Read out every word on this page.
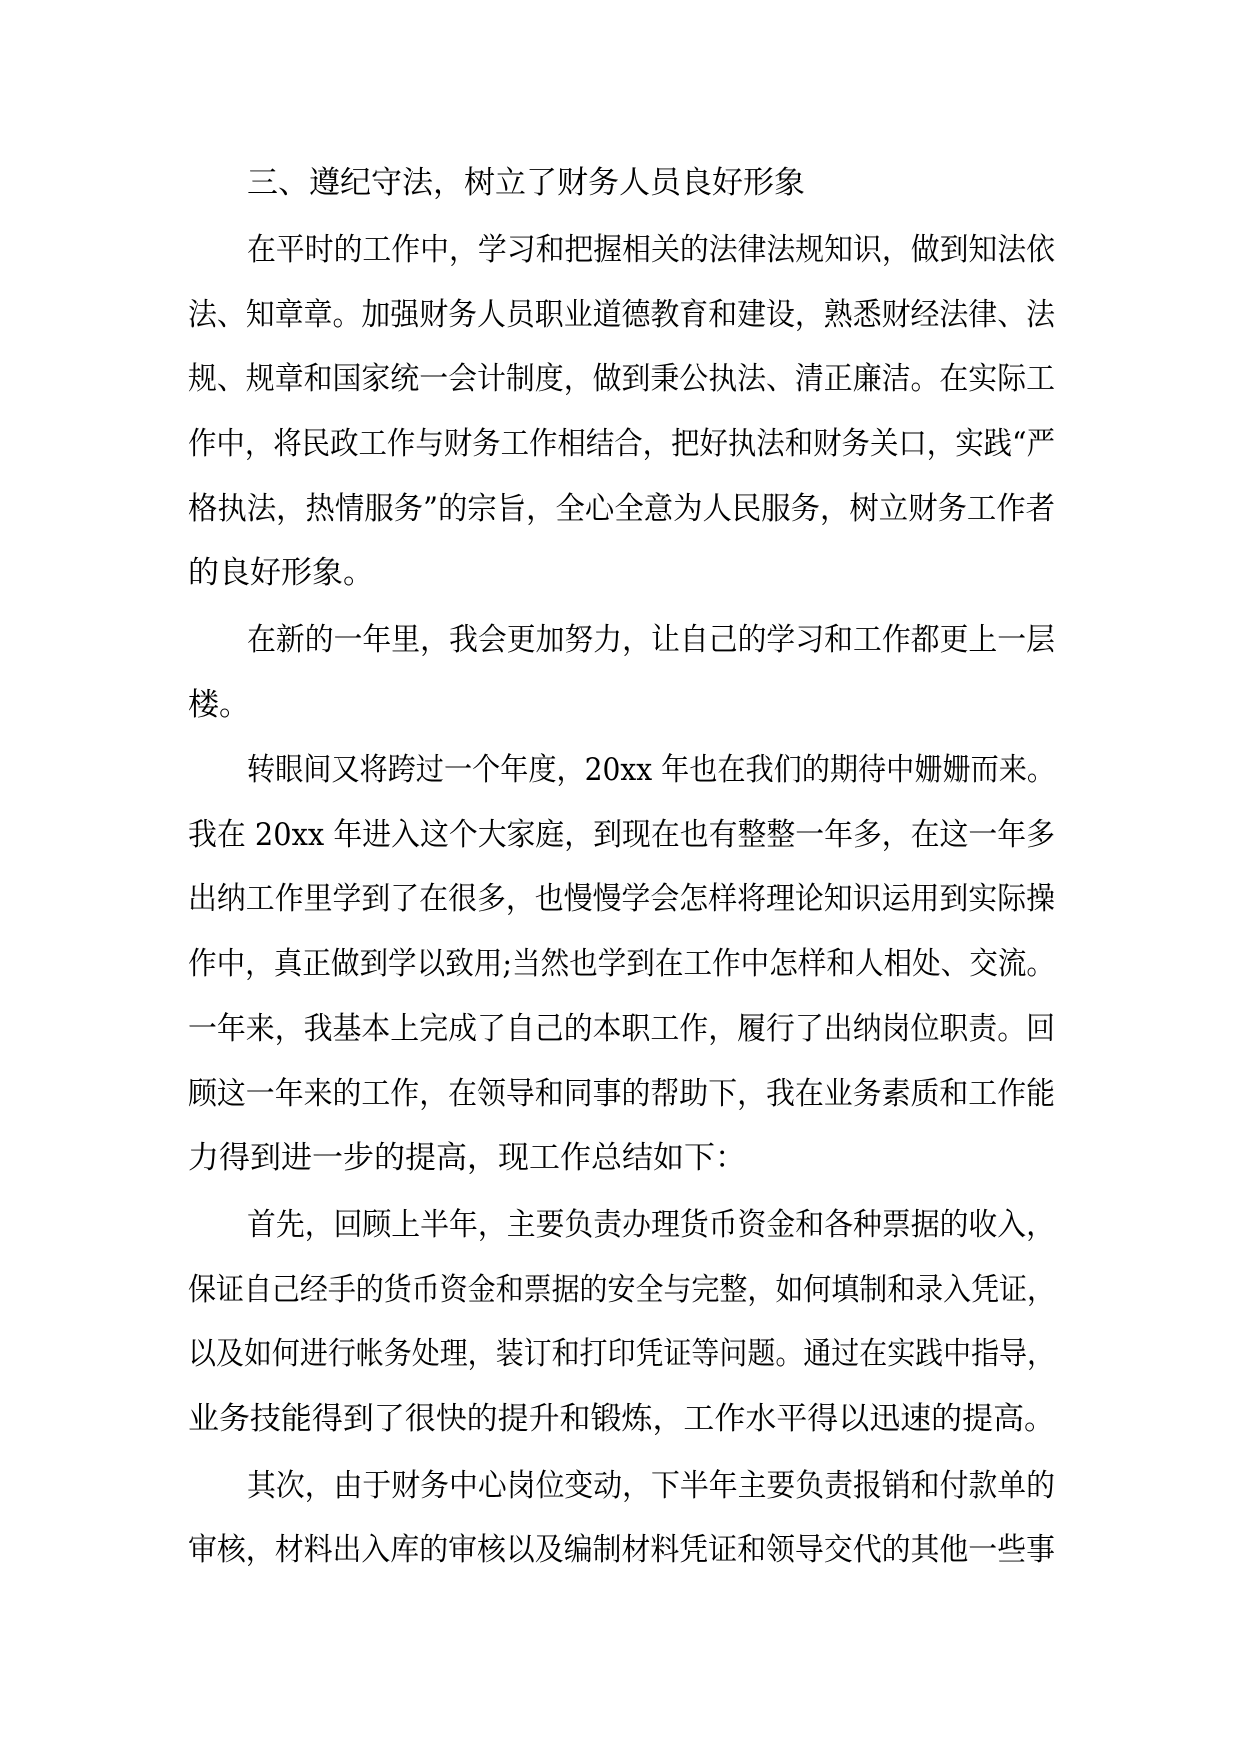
三、遵纪守法，树立了财务人员良好形象
在平时的工作中，学习和把握相关的法律法规知识，做到知法依
法、知章章。加强财务人员职业道德教育和建设，熟悉财经法律、法
规、规章和国家统一会计制度，做到秉公执法、清正廉洁。在实际工
作中，将民政工作与财务工作相结合，把好执法和财务关口，实践“严
格执法，热情服务”的宗旨，全心全意为人民服务，树立财务工作者
的良好形象。
在新的一年里，我会更加努力，让自己的学习和工作都更上一层
楼。
转眼间又将跨过一个年度，20xx 年也在我们的期待中姗姗而来。
我在 20xx 年进入这个大家庭，到现在也有整整一年多，在这一年多
出纳工作里学到了在很多，也慢慢学会怎样将理论知识运用到实际操
作中，真正做到学以致用;当然也学到在工作中怎样和人相处、交流。
一年来，我基本上完成了自己的本职工作，履行了出纳岗位职责。回
顾这一年来的工作，在领导和同事的帮助下，我在业务素质和工作能
力得到进一步的提高，现工作总结如下：
首先，回顾上半年，主要负责办理货币资金和各种票据的收入，
保证自己经手的货币资金和票据的安全与完整，如何填制和录入凭证，
以及如何进行帐务处理，装订和打印凭证等问题。通过在实践中指导，
业务技能得到了很快的提升和锻炼，工作水平得以迅速的提高。
其次，由于财务中心岗位变动，下半年主要负责报销和付款单的
审核，材料出入库的审核以及编制材料凭证和领导交代的其他一些事
